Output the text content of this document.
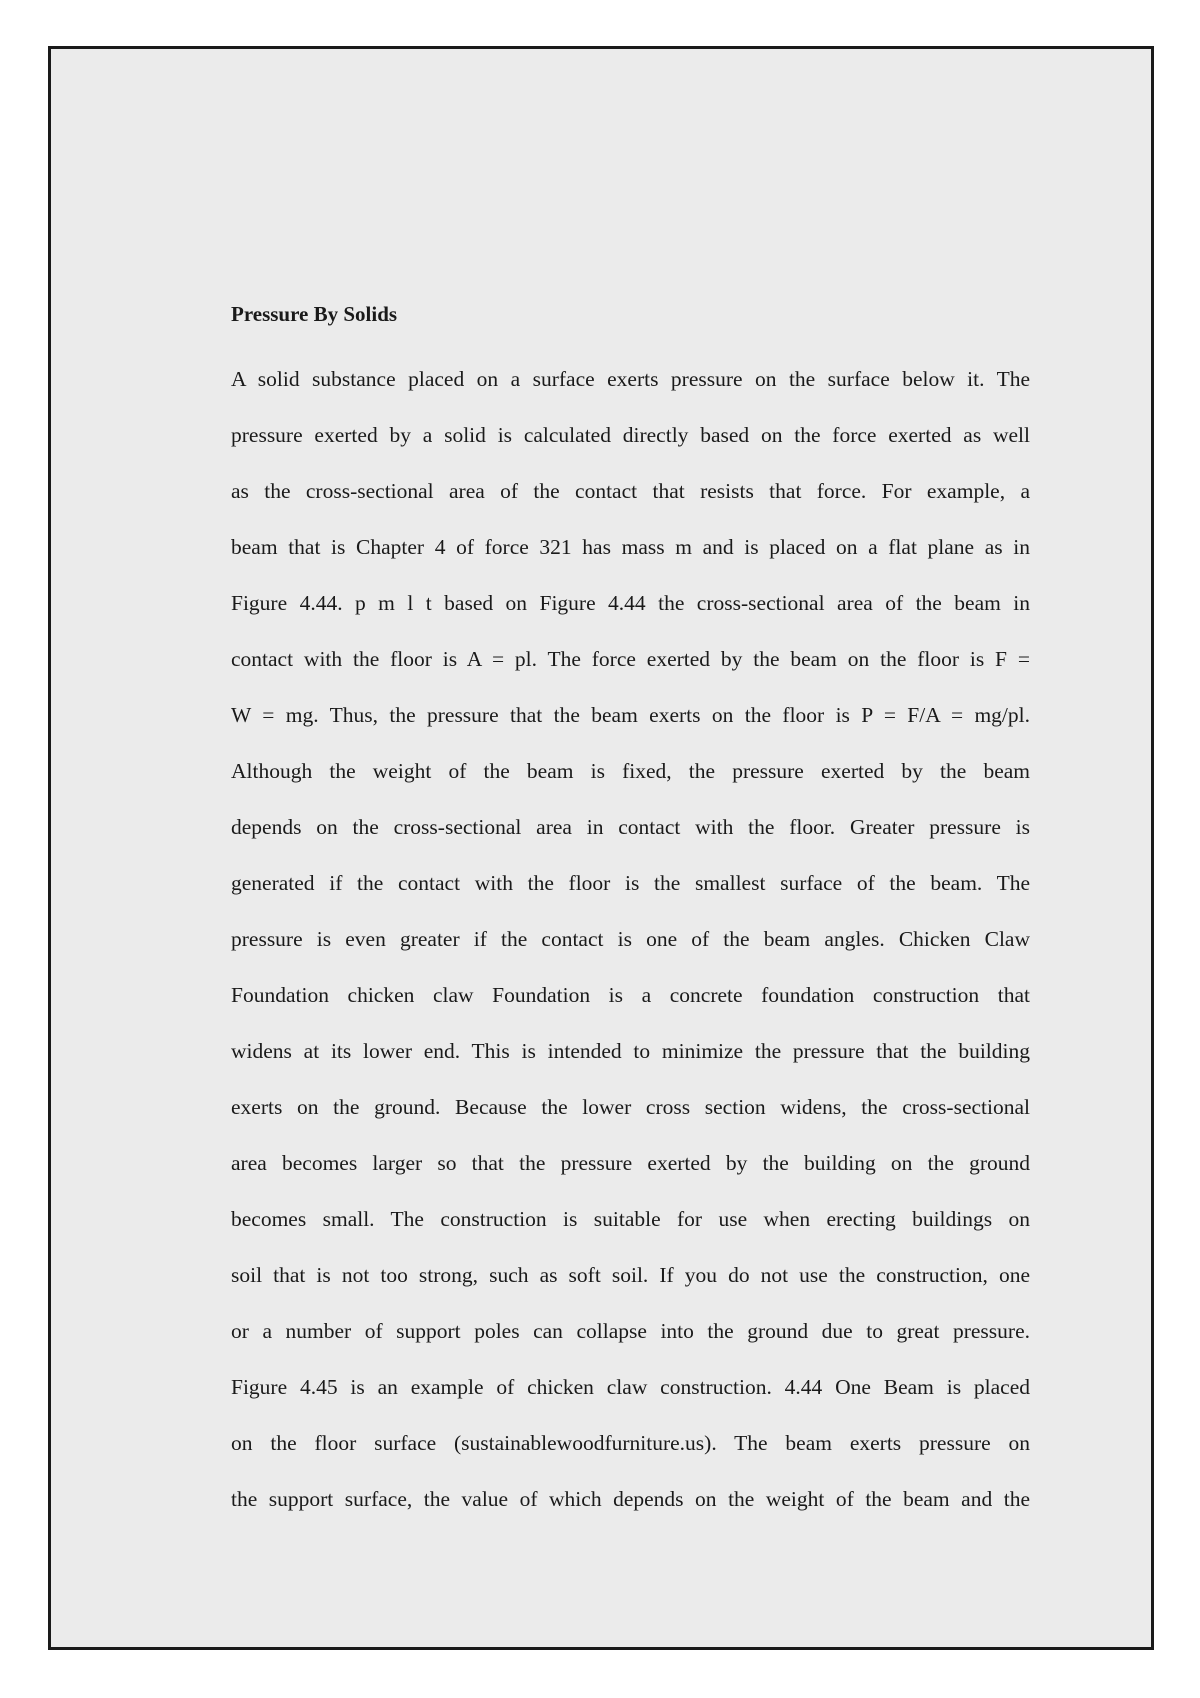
Pressure By Solids
A solid substance placed on a surface exerts pressure on the surface below it. The
pressure exerted by a solid is calculated directly based on the force exerted as well
as the cross-sectional area of the contact that resists that force. For example, a
beam that is Chapter 4 of force 321 has mass m and is placed on a flat plane as in
Figure 4.44. p m l t based on Figure 4.44 the cross-sectional area of the beam in
contact with the floor is A = pl. The force exerted by the beam on the floor is F =
W = mg. Thus, the pressure that the beam exerts on the floor is P = F/A = mg/pl.
Although the weight of the beam is fixed, the pressure exerted by the beam
depends on the cross-sectional area in contact with the floor. Greater pressure is
generated if the contact with the floor is the smallest surface of the beam. The
pressure is even greater if the contact is one of the beam angles. Chicken Claw
Foundation chicken claw Foundation is a concrete foundation construction that
widens at its lower end. This is intended to minimize the pressure that the building
exerts on the ground. Because the lower cross section widens, the cross-sectional
area becomes larger so that the pressure exerted by the building on the ground
becomes small. The construction is suitable for use when erecting buildings on
soil that is not too strong, such as soft soil. If you do not use the construction, one
or a number of support poles can collapse into the ground due to great pressure.
Figure 4.45 is an example of chicken claw construction. 4.44 One Beam is placed
on the floor surface (sustainablewoodfurniture.us). The beam exerts pressure on
the support surface, the value of which depends on the weight of the beam and the
